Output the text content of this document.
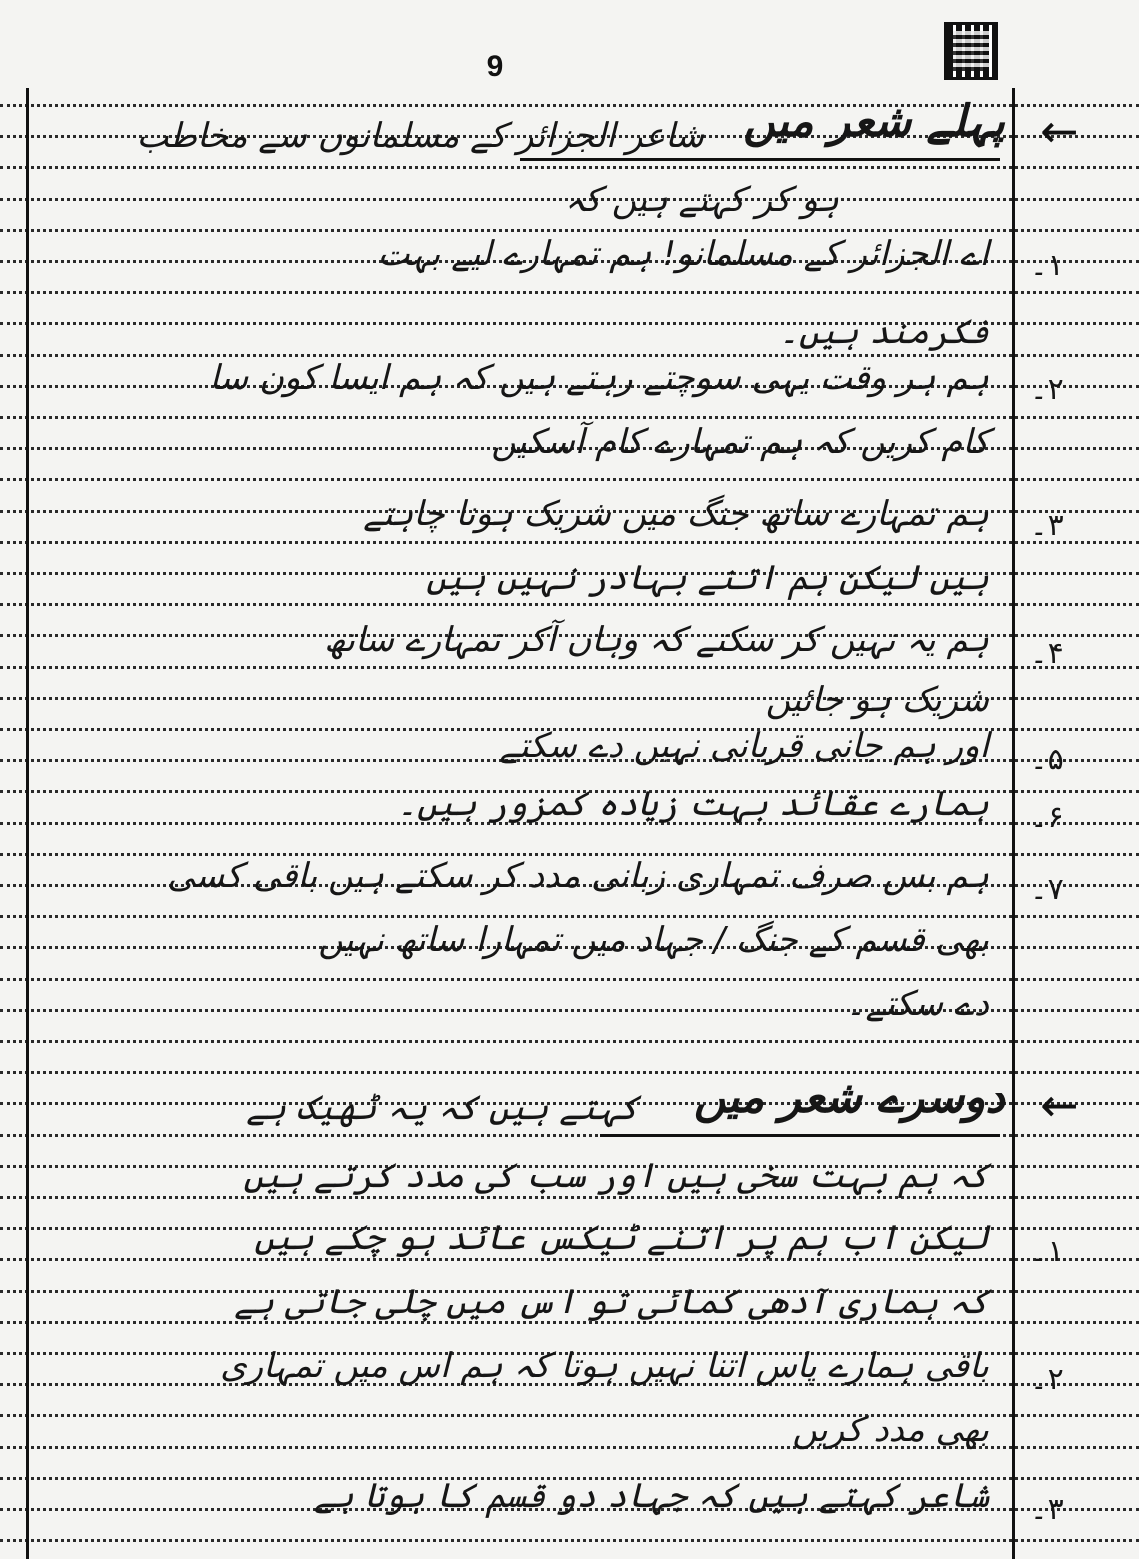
9
←
پہلے شعر میں
شاعر الجزائر کے مسلمانوں سے مخاطب
ہو کر کہتے ہیں کہ
۱۔
اے الجزائر کے مسلمانو! ہم تمہارے لیے بہت
فکرمند ہیں۔
۲۔
ہم ہر وقت یہی سوچتے رہتے ہیں کہ ہم ایسا کون سا
کام کریں کہ ہم تمہارے کام آسکیں
۳۔
ہم تمہارے ساتھ جنگ میں شریک ہونا چاہتے
ہیں لیکن ہم اتنے بہادر نہیں ہیں
۴۔
ہم یہ نہیں کر سکتے کہ وہاں آکر تمہارے ساتھ
شریک ہو جائیں
۵۔
اور ہم جانی قربانی نہیں دے سکتے
۶۔
ہمارے عقائد بہت زیادہ کمزور ہیں۔
۷۔
ہم بس صرف تمہاری زبانی مدد کر سکتے ہیں باقی کسی
بھی قسم کے جنگ / جہاد میں تمہارا ساتھ نہیں
دے سکتے۔
←
دوسرے شعر میں
کہتے ہیں کہ یہ ٹھیک ہے
کہ ہم بہت سخی ہیں اور سب کی مدد کرتے ہیں
۱۔
لیکن اب ہم پر اتنے ٹیکس عائد ہو چکے ہیں
کہ ہماری آدھی کمائی تو اس میں چلی جاتی ہے
۲۔
باقی ہمارے پاس اتنا نہیں ہوتا کہ ہم اس میں تمہاری
بھی مدد کریں
۳۔
شاعر کہتے ہیں کہ جہاد دو قسم کا ہوتا ہے
